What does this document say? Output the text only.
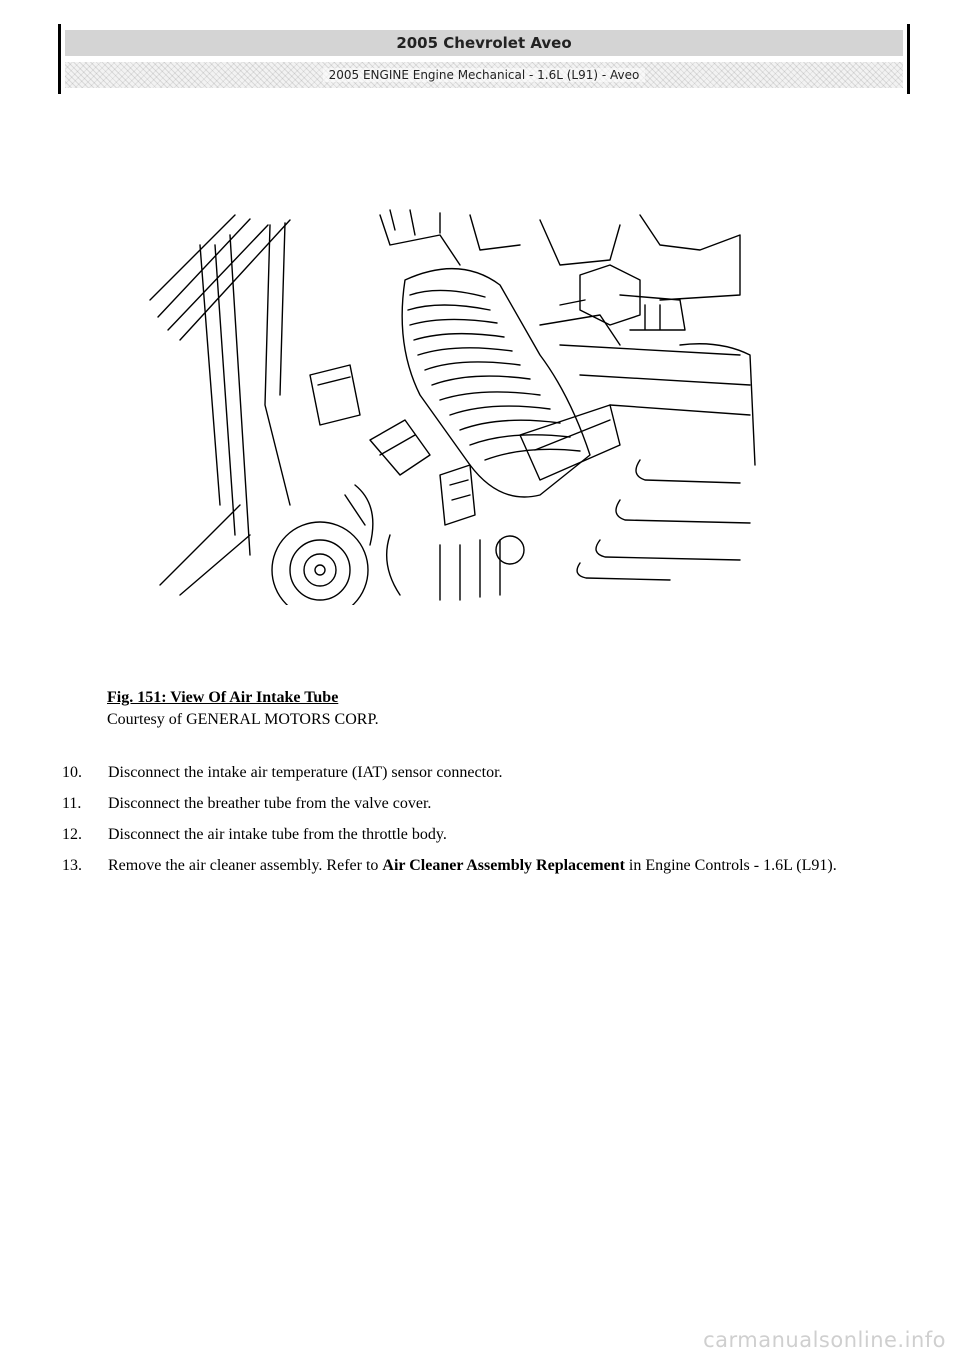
2005 Chevrolet Aveo
2005 ENGINE Engine Mechanical - 1.6L (L91) - Aveo
Fig. 151: View Of Air Intake Tube
Courtesy of GENERAL MOTORS CORP.
10.	Disconnect the intake air temperature (IAT) sensor connector.
11.	Disconnect the breather tube from the valve cover.
12.	Disconnect the air intake tube from the throttle body.
13.	Remove the air cleaner assembly. Refer to Air Cleaner Assembly Replacement in Engine Controls - 1.6L (L91).
carmanualsonline.info
